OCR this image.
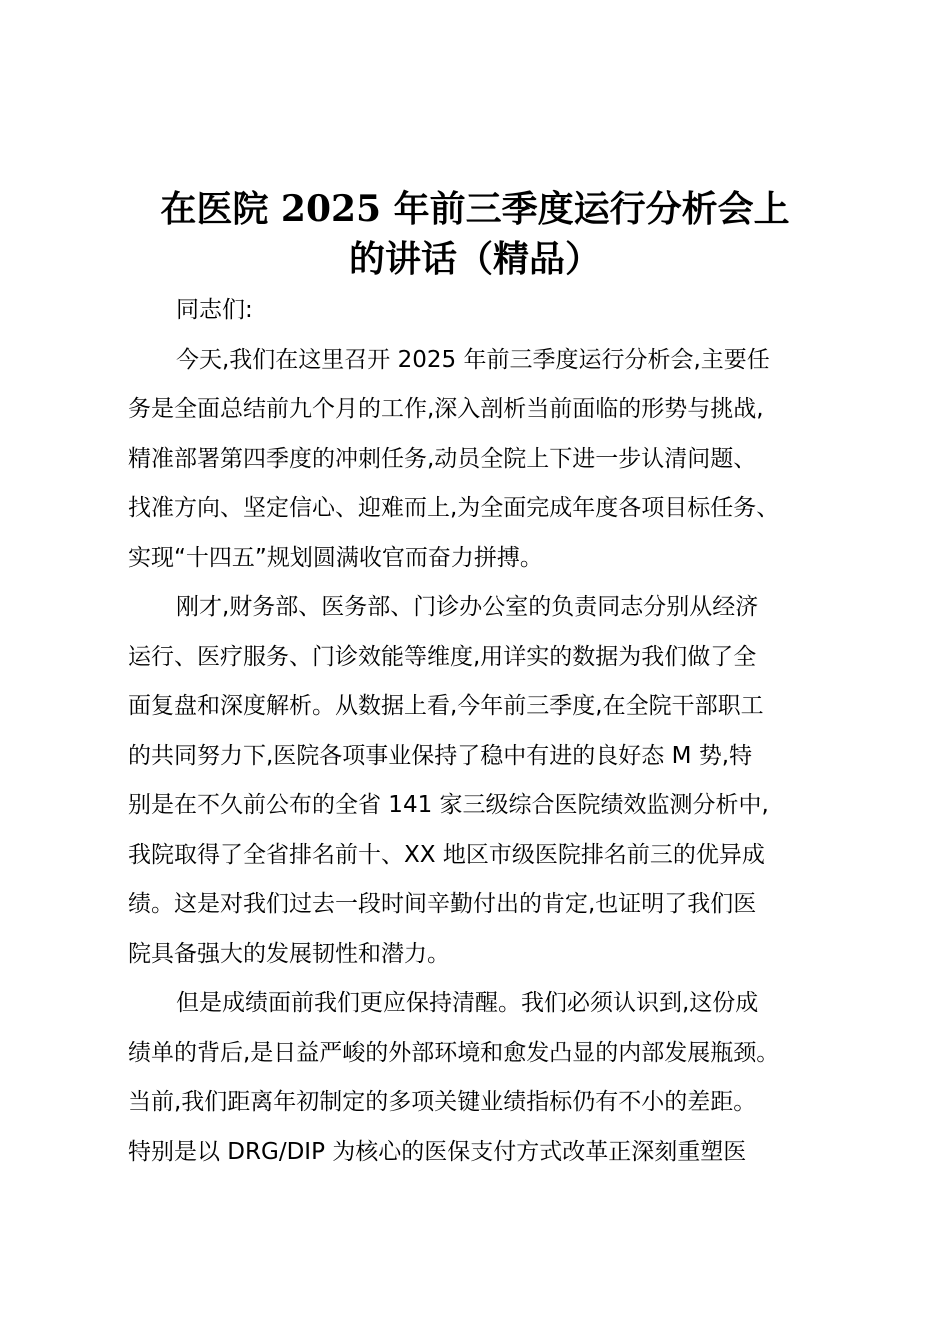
在医院 2025 年前三季度运行分析会上
的讲话（精品）

同志们:

今天,我们在这里召开 2025 年前三季度运行分析会,主要任
务是全面总结前九个月的工作,深入剖析当前面临的形势与挑战,
精准部署第四季度的冲刺任务,动员全院上下进一步认清问题、
找准方向、坚定信心、迎难而上,为全面完成年度各项目标任务、
实现“十四五”规划圆满收官而奋力拼搏。

刚才,财务部、医务部、门诊办公室的负责同志分别从经济
运行、医疗服务、门诊效能等维度,用详实的数据为我们做了全
面复盘和深度解析。从数据上看,今年前三季度,在全院干部职工
的共同努力下,医院各项事业保持了稳中有进的良好态 M 势,特
别是在不久前公布的全省 141 家三级综合医院绩效监测分析中,
我院取得了全省排名前十、XX 地区市级医院排名前三的优异成
绩。这是对我们过去一段时间辛勤付出的肯定,也证明了我们医
院具备强大的发展韧性和潜力。

但是成绩面前我们更应保持清醒。我们必须认识到,这份成
绩单的背后,是日益严峻的外部环境和愈发凸显的内部发展瓶颈。
当前,我们距离年初制定的多项关键业绩指标仍有不小的差距。
特别是以 DRG/DIP 为核心的医保支付方式改革正深刻重塑医
